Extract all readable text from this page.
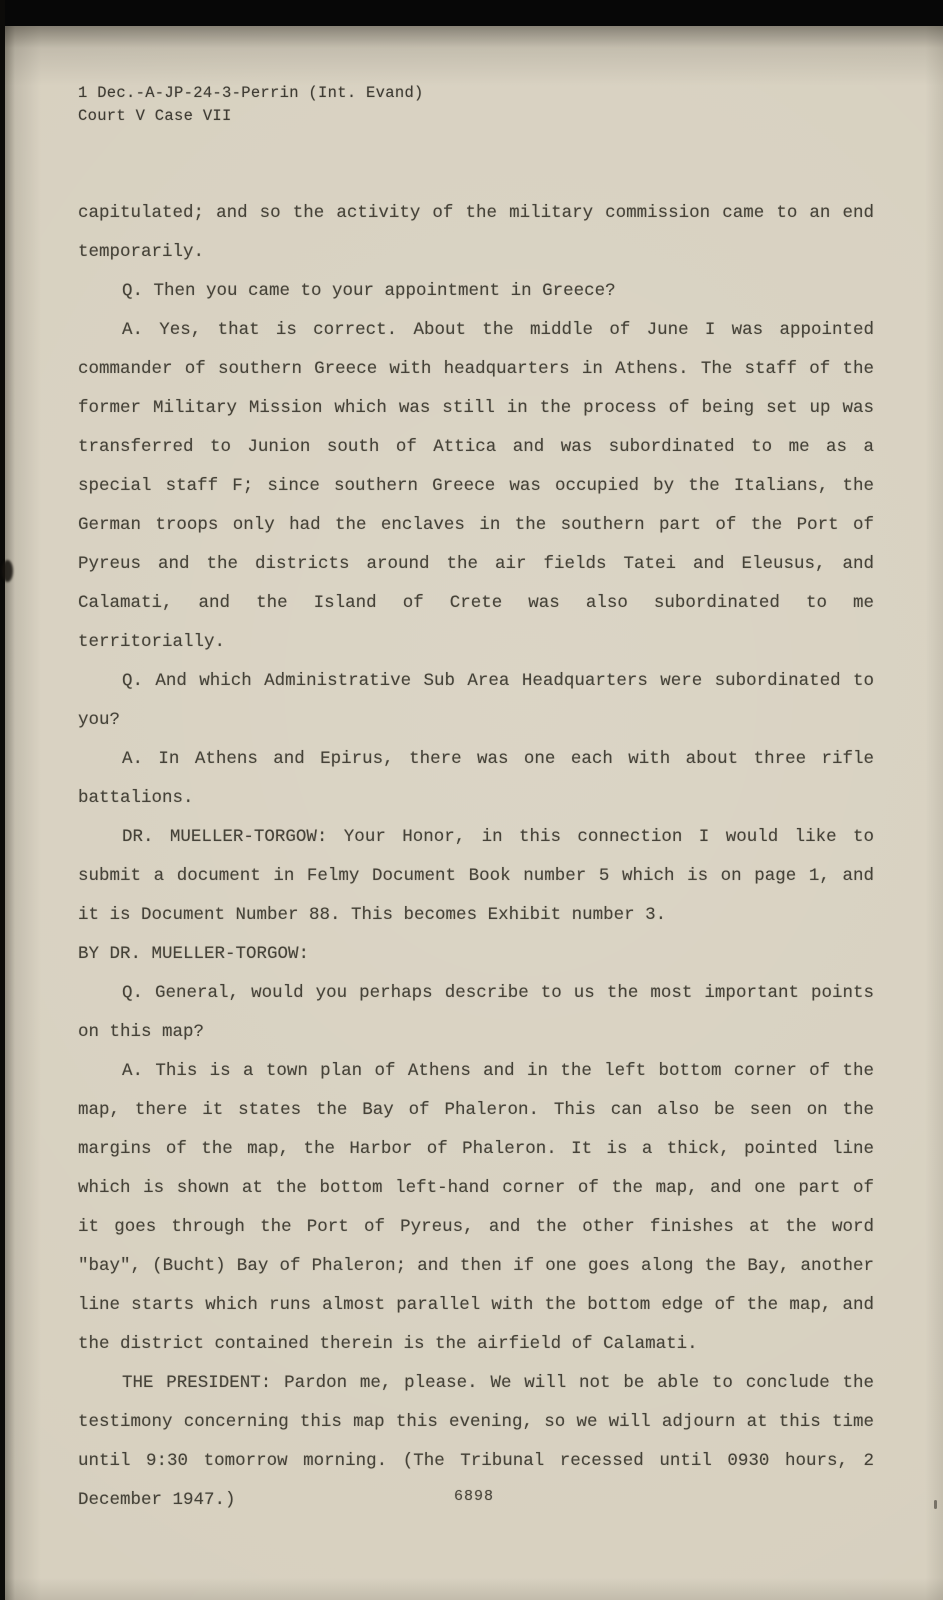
1 Dec.-A-JP-24-3-Perrin (Int. Evand)
Court V Case VII

capitulated; and so the activity of the military commission came to an end temporarily.

Q. Then you came to your appointment in Greece?

A. Yes, that is correct. About the middle of June I was appointed commander of southern Greece with headquarters in Athens. The staff of the former Military Mission which was still in the process of being set up was transferred to Junion south of Attica and was subordinated to me as a special staff F; since southern Greece was occupied by the Italians, the German troops only had the enclaves in the southern part of the Port of Pyreus and the districts around the air fields Tatei and Eleusus, and Calamati, and the Island of Crete was also subordinated to me territorially.

Q. And which Administrative Sub Area Headquarters were subordinated to you?

A. In Athens and Epirus, there was one each with about three rifle battalions.

DR. MUELLER-TORGOW: Your Honor, in this connection I would like to submit a document in Felmy Document Book number 5 which is on page 1, and it is Document Number 88. This becomes Exhibit number 3.

BY DR. MUELLER-TORGOW:

Q. General, would you perhaps describe to us the most important points on this map?

A. This is a town plan of Athens and in the left bottom corner of the map, there it states the Bay of Phaleron. This can also be seen on the margins of the map, the Harbor of Phaleron. It is a thick, pointed line which is shown at the bottom left-hand corner of the map, and one part of it goes through the Port of Pyreus, and the other finishes at the word "bay", (Bucht) Bay of Phaleron; and then if one goes along the Bay, another line starts which runs almost parallel with the bottom edge of the map, and the district contained therein is the airfield of Calamati.

THE PRESIDENT: Pardon me, please. We will not be able to conclude the testimony concerning this map this evening, so we will adjourn at this time until 9:30 tomorrow morning. (The Tribunal recessed until 0930 hours, 2 December 1947.)	6898
